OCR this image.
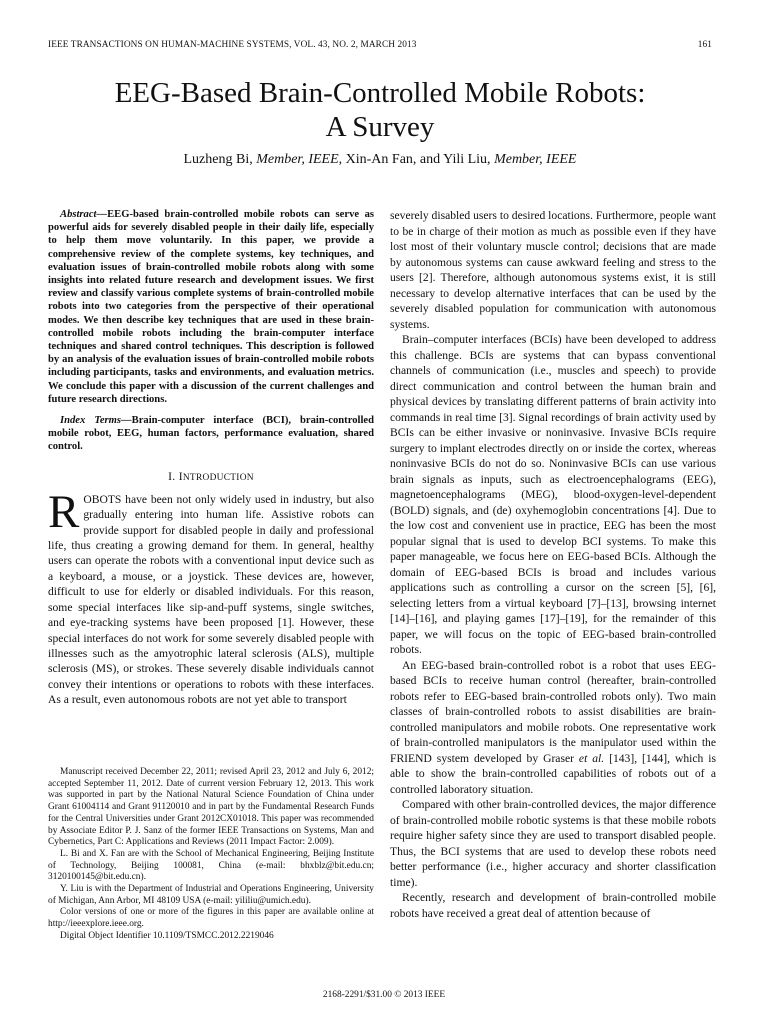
IEEE TRANSACTIONS ON HUMAN-MACHINE SYSTEMS, VOL. 43, NO. 2, MARCH 2013	161
EEG-Based Brain-Controlled Mobile Robots:
A Survey
Luzheng Bi, Member, IEEE, Xin-An Fan, and Yili Liu, Member, IEEE

Abstract—EEG-based brain-controlled mobile robots can serve as powerful aids for severely disabled people in their daily life, especially to help them move voluntarily. In this paper, we provide a comprehensive review of the complete systems, key techniques, and evaluation issues of brain-controlled mobile robots along with some insights into related future research and development issues. We first review and classify various complete systems of brain-controlled mobile robots into two categories from the perspective of their operational modes. We then describe key techniques that are used in these brain-controlled mobile robots including the brain-computer interface techniques and shared control techniques. This description is followed by an analysis of the evaluation issues of brain-controlled mobile robots including participants, tasks and environments, and evaluation metrics. We conclude this paper with a discussion of the current challenges and future research directions.

Index Terms—Brain-computer interface (BCI), brain-controlled mobile robot, EEG, human factors, performance evaluation, shared control.

I. INTRODUCTION

ROBOTS have been not only widely used in industry, but also gradually entering into human life. Assistive robots can provide support for disabled people in daily and professional life, thus creating a growing demand for them. In general, healthy users can operate the robots with a conventional input device such as a keyboard, a mouse, or a joystick. These devices are, however, difficult to use for elderly or disabled individuals. For this reason, some special interfaces like sip-and-puff systems, single switches, and eye-tracking systems have been proposed [1]. However, these special interfaces do not work for some severely disabled people with illnesses such as the amyotrophic lateral sclerosis (ALS), multiple sclerosis (MS), or strokes. These severely disable individuals cannot convey their intentions or operations to robots with these interfaces. As a result, even autonomous robots are not yet able to transport

Manuscript received December 22, 2011; revised April 23, 2012 and July 6, 2012; accepted September 11, 2012. Date of current version February 12, 2013. This work was supported in part by the National Natural Science Foundation of China under Grant 61004114 and Grant 91120010 and in part by the Fundamental Research Funds for the Central Universities under Grant 2012CX01018. This paper was recommended by Associate Editor P. J. Sanz of the former IEEE Transactions on Systems, Man and Cybernetics, Part C: Applications and Reviews (2011 Impact Factor: 2.009).

L. Bi and X. Fan are with the School of Mechanical Engineering, Beijing Institute of Technology, Beijing 100081, China (e-mail: bhxblz@bit.edu.cn; 3120100145@bit.edu.cn).

Y. Liu is with the Department of Industrial and Operations Engineering, University of Michigan, Ann Arbor, MI 48109 USA (e-mail: yililiu@umich.edu).

Color versions of one or more of the figures in this paper are available online at http://ieeexplore.ieee.org.

Digital Object Identifier 10.1109/TSMCC.2012.2219046

severely disabled users to desired locations. Furthermore, people want to be in charge of their motion as much as possible even if they have lost most of their voluntary muscle control; decisions that are made by autonomous systems can cause awkward feeling and stress to the users [2]. Therefore, although autonomous systems exist, it is still necessary to develop alternative interfaces that can be used by the severely disabled population for communication with autonomous systems.

Brain–computer interfaces (BCIs) have been developed to address this challenge. BCIs are systems that can bypass conventional channels of communication (i.e., muscles and speech) to provide direct communication and control between the human brain and physical devices by translating different patterns of brain activity into commands in real time [3]. Signal recordings of brain activity used by BCIs can be either invasive or noninvasive. Invasive BCIs require surgery to implant electrodes directly on or inside the cortex, whereas noninvasive BCIs do not do so. Noninvasive BCIs can use various brain signals as inputs, such as electroencephalograms (EEG), magnetoencephalograms (MEG), blood-oxygen-level-dependent (BOLD) signals, and (de) oxyhemoglobin concentrations [4]. Due to the low cost and convenient use in practice, EEG has been the most popular signal that is used to develop BCI systems. To make this paper manageable, we focus here on EEG-based BCIs. Although the domain of EEG-based BCIs is broad and includes various applications such as controlling a cursor on the screen [5], [6], selecting letters from a virtual keyboard [7]–[13], browsing internet [14]–[16], and playing games [17]–[19], for the remainder of this paper, we will focus on the topic of EEG-based brain-controlled robots.

An EEG-based brain-controlled robot is a robot that uses EEG-based BCIs to receive human control (hereafter, brain-controlled robots refer to EEG-based brain-controlled robots only). Two main classes of brain-controlled robots to assist disabilities are brain-controlled manipulators and mobile robots. One representative work of brain-controlled manipulators is the manipulator used within the FRIEND system developed by Graser et al. [143], [144], which is able to show the brain-controlled capabilities of robots out of a controlled laboratory situation.

Compared with other brain-controlled devices, the major difference of brain-controlled mobile robotic systems is that these mobile robots require higher safety since they are used to transport disabled people. Thus, the BCI systems that are used to develop these robots need better performance (i.e., higher accuracy and shorter classification time).

Recently, research and development of brain-controlled mobile robots have received a great deal of attention because of

2168-2291/$31.00 © 2013 IEEE
